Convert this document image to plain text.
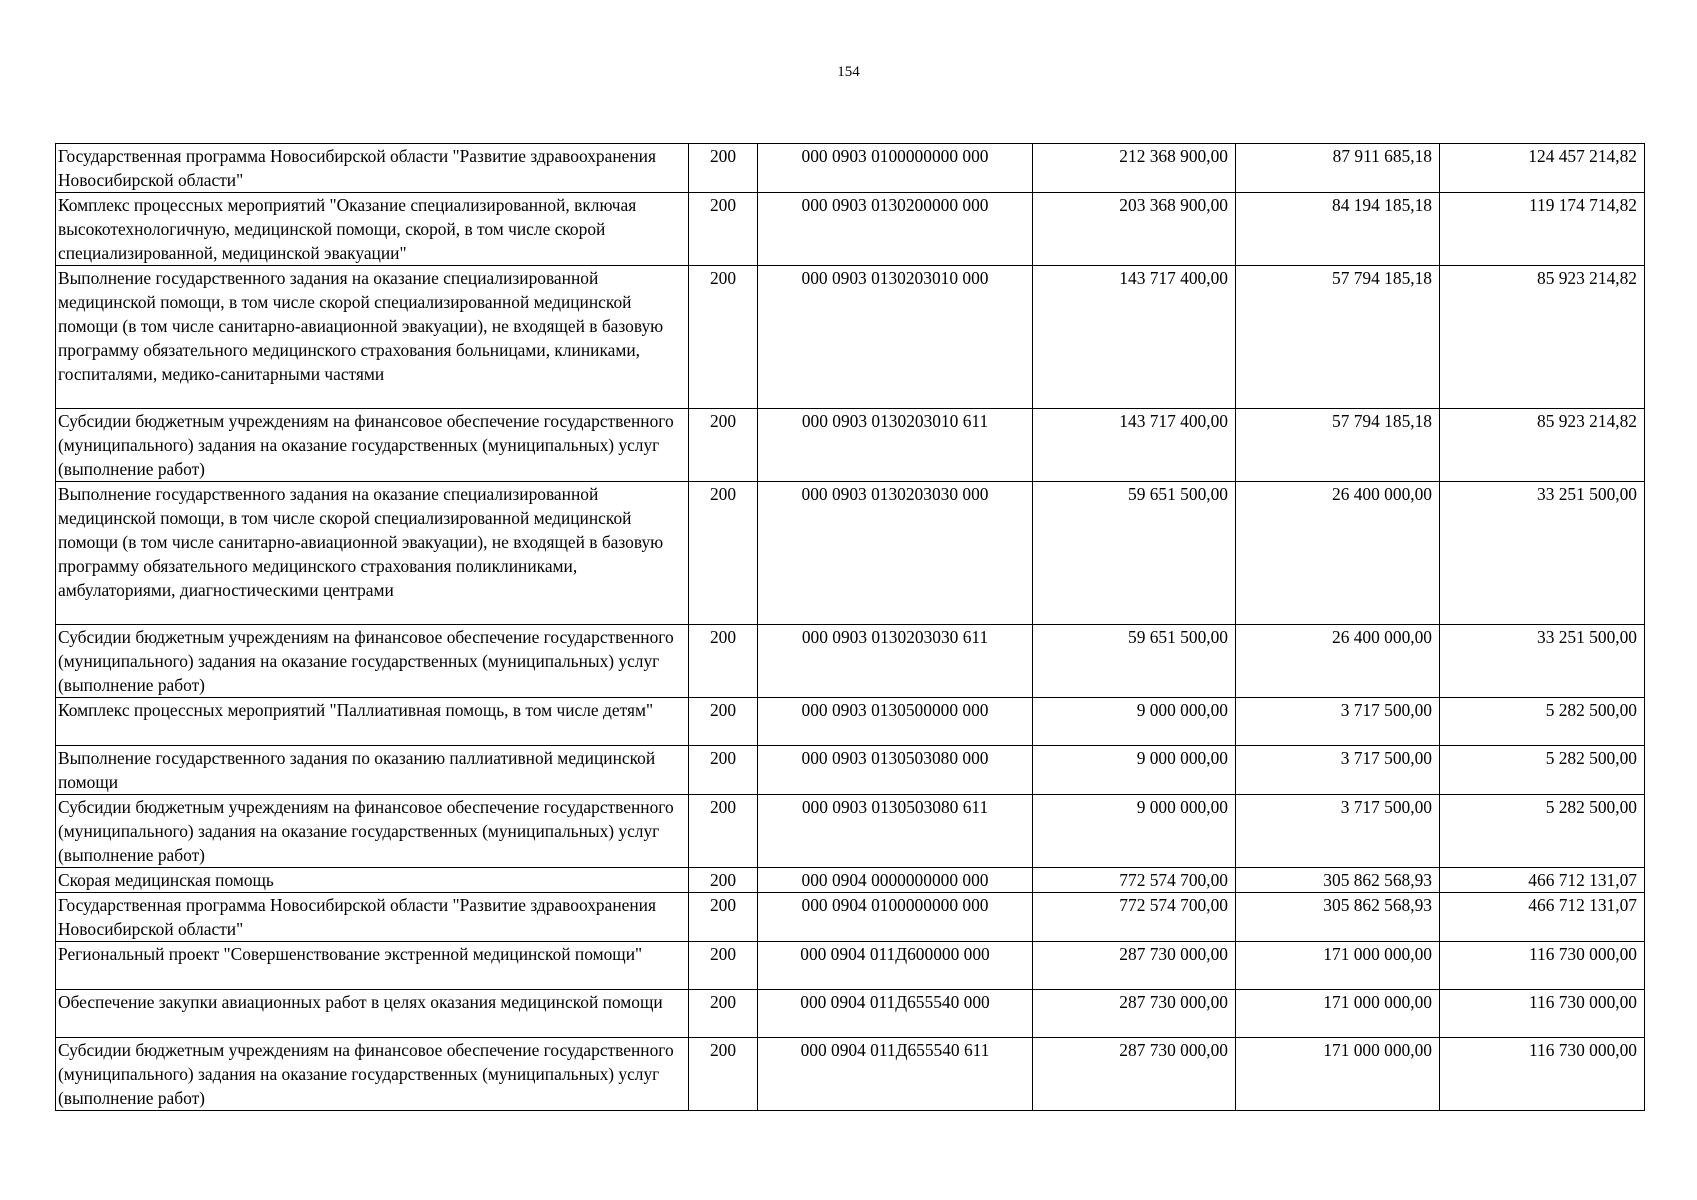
154
Государственная программа Новосибирской области "Развитие здравоохранения Новосибирской области"	200	000 0903 0100000000 000	212 368 900,00	87 911 685,18	124 457 214,82
Комплекс процессных мероприятий "Оказание специализированной, включая высокотехнологичную, медицинской помощи, скорой, в том числе скорой специализированной, медицинской эвакуации"	200	000 0903 0130200000 000	203 368 900,00	84 194 185,18	119 174 714,82
Выполнение государственного задания на оказание специализированной медицинской помощи, в том числе скорой специализированной медицинской помощи (в том числе санитарно-авиационной эвакуации), не входящей в базовую программу обязательного медицинского страхования больницами, клиниками, госпиталями, медико-санитарными частями	200	000 0903 0130203010 000	143 717 400,00	57 794 185,18	85 923 214,82
Субсидии бюджетным учреждениям на финансовое обеспечение государственного (муниципального) задания на оказание государственных (муниципальных) услуг (выполнение работ)	200	000 0903 0130203010 611	143 717 400,00	57 794 185,18	85 923 214,82
Выполнение государственного задания на оказание специализированной медицинской помощи, в том числе скорой специализированной медицинской помощи (в том числе санитарно-авиационной эвакуации), не входящей в базовую программу обязательного медицинского страхования поликлиниками, амбулаториями, диагностическими центрами	200	000 0903 0130203030 000	59 651 500,00	26 400 000,00	33 251 500,00
Субсидии бюджетным учреждениям на финансовое обеспечение государственного (муниципального) задания на оказание государственных (муниципальных) услуг (выполнение работ)	200	000 0903 0130203030 611	59 651 500,00	26 400 000,00	33 251 500,00
Комплекс процессных мероприятий "Паллиативная помощь, в том числе детям"	200	000 0903 0130500000 000	9 000 000,00	3 717 500,00	5 282 500,00
Выполнение государственного задания по оказанию паллиативной медицинской помощи	200	000 0903 0130503080 000	9 000 000,00	3 717 500,00	5 282 500,00
Субсидии бюджетным учреждениям на финансовое обеспечение государственного (муниципального) задания на оказание государственных (муниципальных) услуг (выполнение работ)	200	000 0903 0130503080 611	9 000 000,00	3 717 500,00	5 282 500,00
Скорая медицинская помощь	200	000 0904 0000000000 000	772 574 700,00	305 862 568,93	466 712 131,07
Государственная программа Новосибирской области "Развитие здравоохранения Новосибирской области"	200	000 0904 0100000000 000	772 574 700,00	305 862 568,93	466 712 131,07
Региональный проект "Совершенствование экстренной медицинской помощи"	200	000 0904 011Д600000 000	287 730 000,00	171 000 000,00	116 730 000,00
Обеспечение закупки авиационных работ в целях оказания медицинской помощи	200	000 0904 011Д655540 000	287 730 000,00	171 000 000,00	116 730 000,00
Субсидии бюджетным учреждениям на финансовое обеспечение государственного (муниципального) задания на оказание государственных (муниципальных) услуг (выполнение работ)	200	000 0904 011Д655540 611	287 730 000,00	171 000 000,00	116 730 000,00
